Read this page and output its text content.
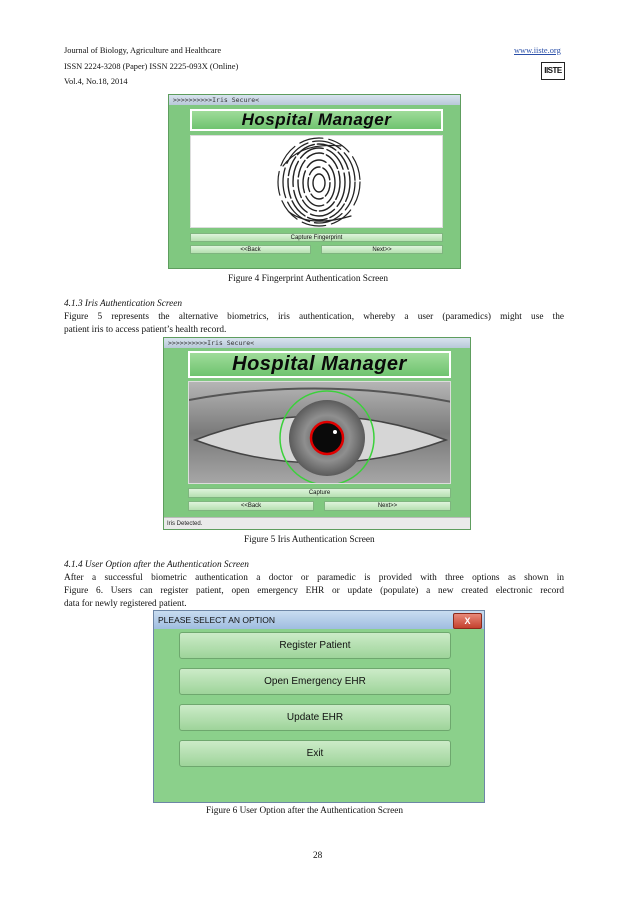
Journal of Biology, Agriculture and Healthcare
ISSN 2224-3208 (Paper) ISSN 2225-093X (Online)
Vol.4, No.18, 2014
www.iiste.org
IISTE
>>>>>>>>>>Iris Secure<
Hospital Manager
Capture Fingerprint
<<Back	Next>>
Figure 4 Fingerprint Authentication Screen
4.1.3 Iris Authentication Screen
Figure 5 represents the alternative biometrics, iris authentication, whereby a user (paramedics) might use the
patient iris to access patient’s health record.
>>>>>>>>>>Iris Secure<
Hospital Manager
Capture
<<Back	Next>>
Iris Detected.
Figure 5 Iris Authentication Screen
4.1.4 User Option after the Authentication Screen
After a successful biometric authentication a doctor or paramedic is provided with three options as shown in
Figure 6. Users can register patient, open emergency EHR or update (populate) a new created electronic record
data for newly registered patient.
PLEASE SELECT AN OPTION	X
Register Patient
Open Emergency EHR
Update EHR
Exit
Figure 6 User Option after the Authentication Screen
28
